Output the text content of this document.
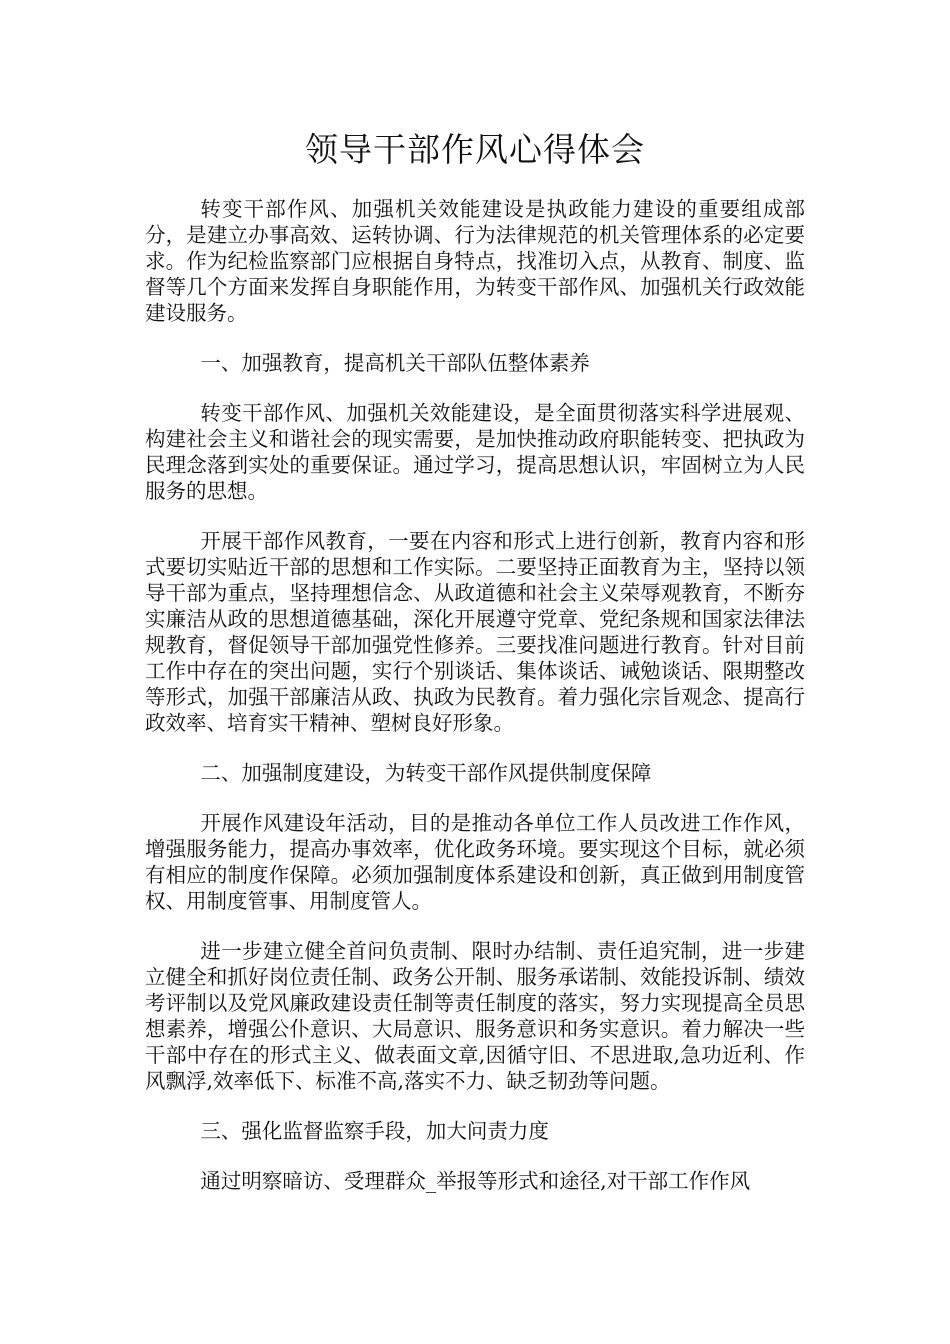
领导干部作风心得体会

转变干部作风、加强机关效能建设是执政能力建设的重要组成部分，是建立办事高效、运转协调、行为法律规范的机关管理体系的必定要求。作为纪检监察部门应根据自身特点，找准切入点，从教育、制度、监督等几个方面来发挥自身职能作用，为转变干部作风、加强机关行政效能建设服务。

一、加强教育，提高机关干部队伍整体素养

转变干部作风、加强机关效能建设，是全面贯彻落实科学进展观、构建社会主义和谐社会的现实需要，是加快推动政府职能转变、把执政为民理念落到实处的重要保证。通过学习，提高思想认识，牢固树立为人民服务的思想。

开展干部作风教育，一要在内容和形式上进行创新，教育内容和形式要切实贴近干部的思想和工作实际。二要坚持正面教育为主，坚持以领导干部为重点，坚持理想信念、从政道德和社会主义荣辱观教育，不断夯实廉洁从政的思想道德基础，深化开展遵守党章、党纪条规和国家法律法规教育，督促领导干部加强党性修养。三要找准问题进行教育。针对目前工作中存在的突出问题，实行个别谈话、集体谈话、诫勉谈话、限期整改等形式，加强干部廉洁从政、执政为民教育。着力强化宗旨观念、提高行政效率、培育实干精神、塑树良好形象。

二、加强制度建设，为转变干部作风提供制度保障

开展作风建设年活动，目的是推动各单位工作人员改进工作作风，增强服务能力，提高办事效率，优化政务环境。要实现这个目标，就必须有相应的制度作保障。必须加强制度体系建设和创新，真正做到用制度管权、用制度管事、用制度管人。

进一步建立健全首问负责制、限时办结制、责任追究制，进一步建立健全和抓好岗位责任制、政务公开制、服务承诺制、效能投诉制、绩效考评制以及党风廉政建设责任制等责任制度的落实，努力实现提高全员思想素养，增强公仆意识、大局意识、服务意识和务实意识。着力解决一些干部中存在的形式主义、做表面文章,因循守旧、不思进取,急功近利、作风飘浮,效率低下、标准不高,落实不力、缺乏韧劲等问题。

三、强化监督监察手段，加大问责力度

通过明察暗访、受理群众_举报等形式和途径,对干部工作作风
